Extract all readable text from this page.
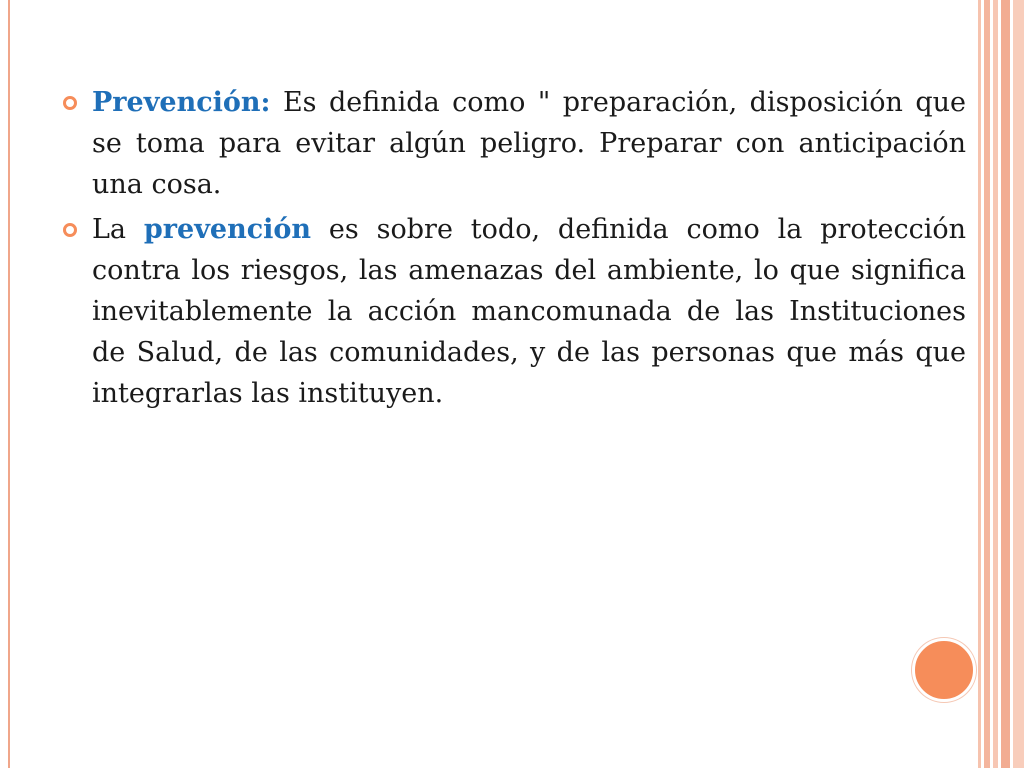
Prevención: Es definida como " preparación, disposición que se toma para evitar algún peligro. Preparar con anticipación una cosa.
La prevención es sobre todo, definida como la protección contra los riesgos, las amenazas del ambiente, lo que significa inevitablemente la acción mancomunada de las Instituciones de Salud, de las comunidades, y de las personas que más que integrarlas las instituyen.
